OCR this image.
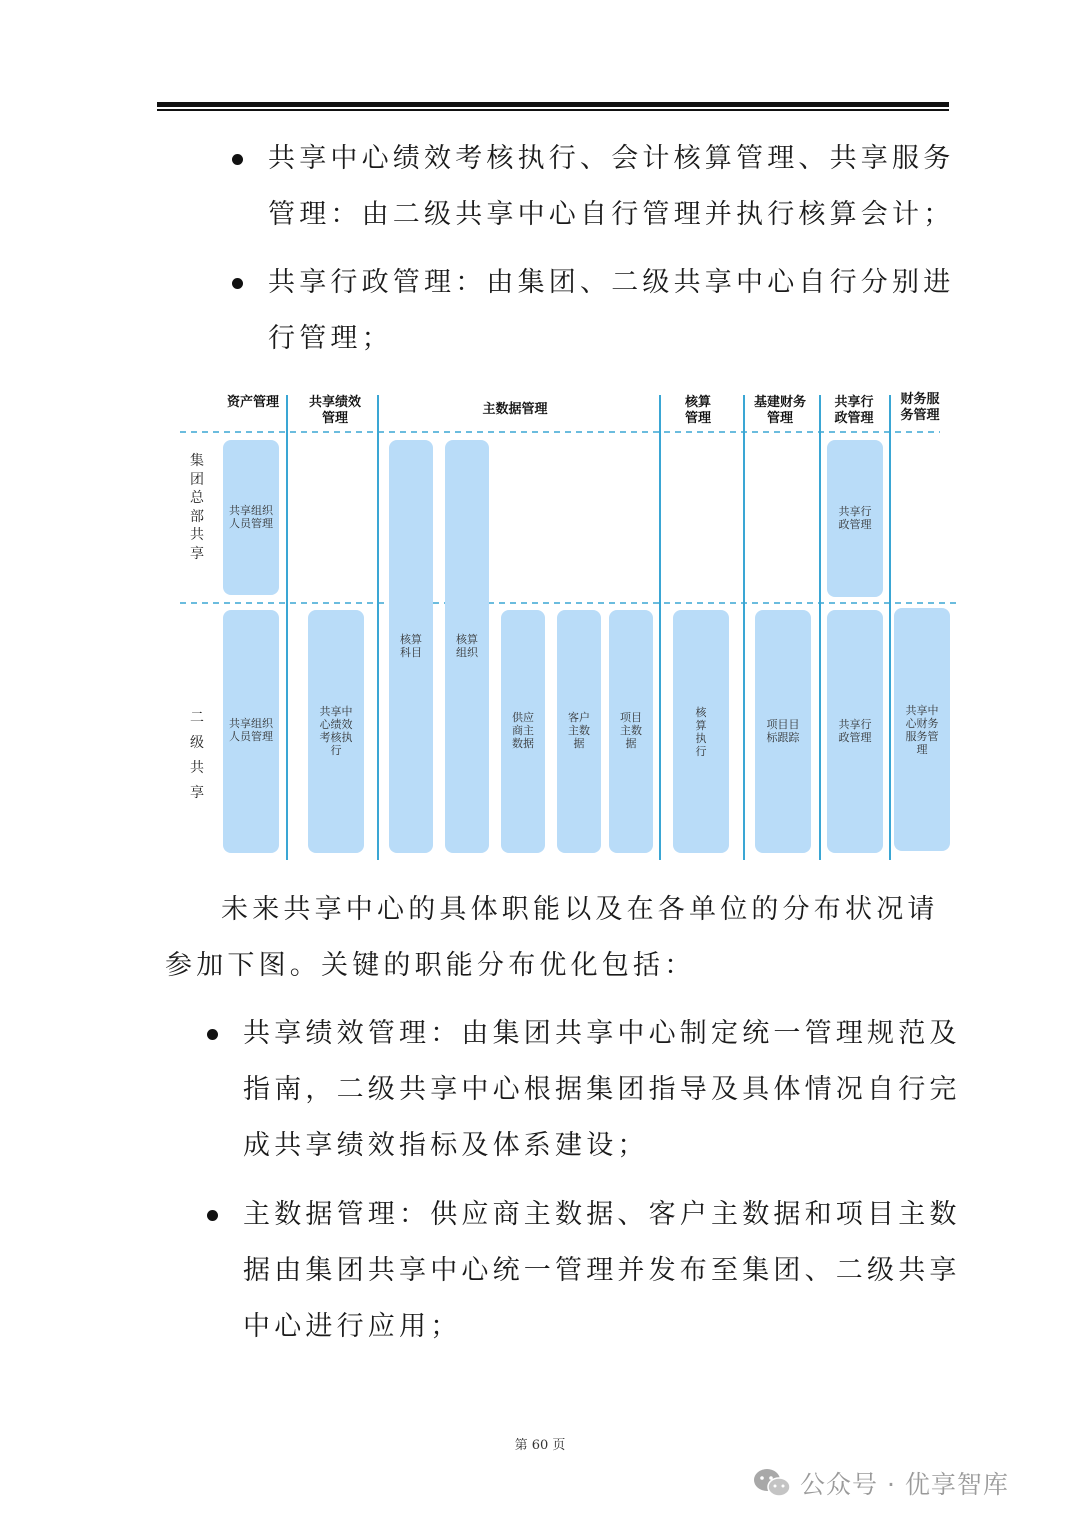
共享中心绩效考核执行、会计核算管理、共享服务
管理：由二级共享中心自行管理并执行核算会计；

共享行政管理：由集团、二级共享中心自行分别进
行管理；

资产管理	共享绩效
管理
主数据管理	核算
管理
基建财务
管理
共享行
政管理
财务服
务管理
集
团
总
部
共
享
二
级
共
享
共享组织
人员管理
共享行
政管理
共享组织
人员管理
共享中
心绩效
考核执
行
核算
科目
核算
组织
供应
商主
数据
客户
主数
据
项目
主数
据
核
算
执
行
项目目
标跟踪
共享行
政管理
共享中
心财务
服务管
理

未来共享中心的具体职能以及在各单位的分布状况请
参加下图。关键的职能分布优化包括：

共享绩效管理：由集团共享中心制定统一管理规范及
指南，二级共享中心根据集团指导及具体情况自行完
成共享绩效指标及体系建设；

主数据管理：供应商主数据、客户主数据和项目主数
据由集团共享中心统一管理并发布至集团、二级共享
中心进行应用；

第 60 页
公众号 · 优享智库
